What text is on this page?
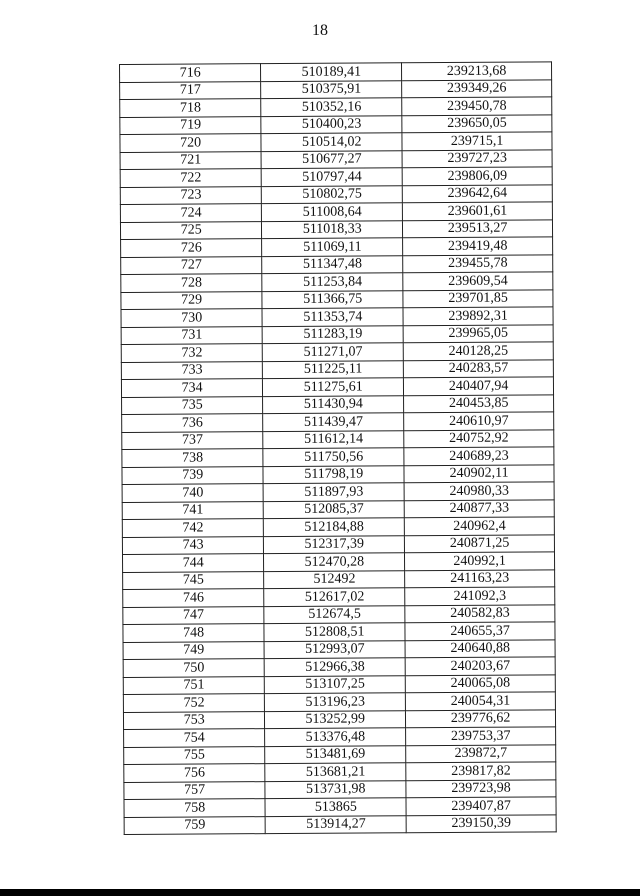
18
716	510189,41	239213,68
717	510375,91	239349,26
718	510352,16	239450,78
719	510400,23	239650,05
720	510514,02	239715,1
721	510677,27	239727,23
722	510797,44	239806,09
723	510802,75	239642,64
724	511008,64	239601,61
725	511018,33	239513,27
726	511069,11	239419,48
727	511347,48	239455,78
728	511253,84	239609,54
729	511366,75	239701,85
730	511353,74	239892,31
731	511283,19	239965,05
732	511271,07	240128,25
733	511225,11	240283,57
734	511275,61	240407,94
735	511430,94	240453,85
736	511439,47	240610,97
737	511612,14	240752,92
738	511750,56	240689,23
739	511798,19	240902,11
740	511897,93	240980,33
741	512085,37	240877,33
742	512184,88	240962,4
743	512317,39	240871,25
744	512470,28	240992,1
745	512492	241163,23
746	512617,02	241092,3
747	512674,5	240582,83
748	512808,51	240655,37
749	512993,07	240640,88
750	512966,38	240203,67
751	513107,25	240065,08
752	513196,23	240054,31
753	513252,99	239776,62
754	513376,48	239753,37
755	513481,69	239872,7
756	513681,21	239817,82
757	513731,98	239723,98
758	513865	239407,87
759	513914,27	239150,39
